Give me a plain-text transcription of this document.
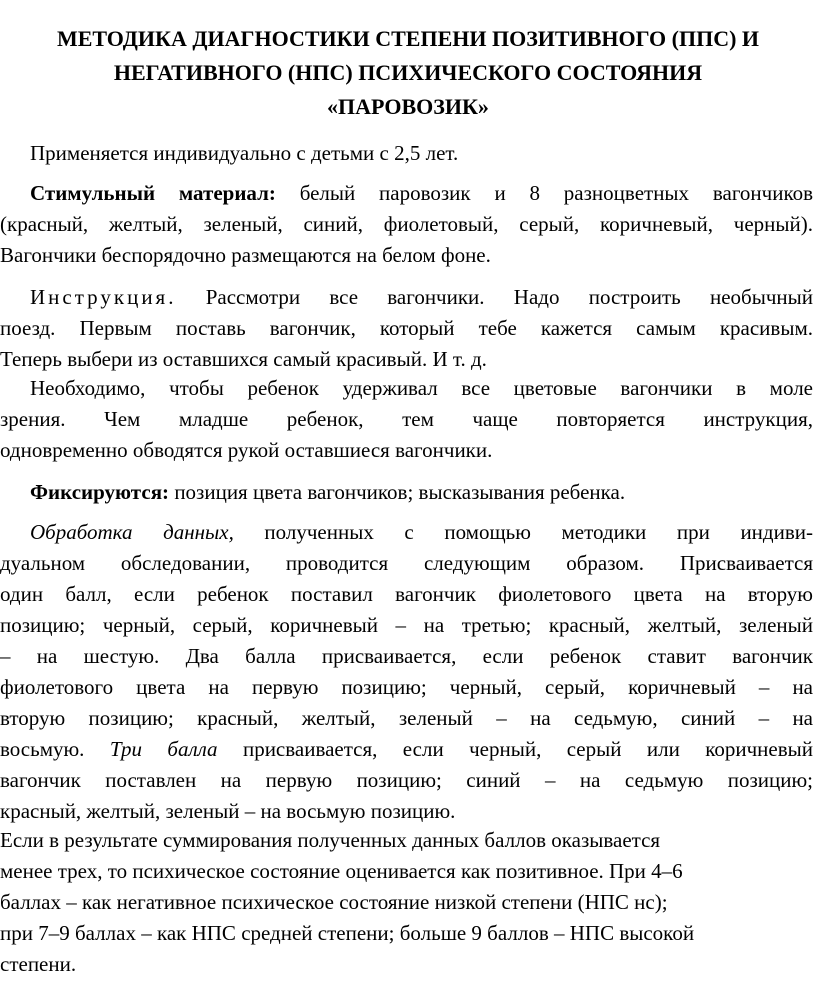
МЕТОДИКА ДИАГНОСТИКИ СТЕПЕНИ ПОЗИТИВНОГО (ППС) И
НЕГАТИВНОГО (НПС) ПСИХИЧЕСКОГО СОСТОЯНИЯ
«ПАРОВОЗИК»

Применяется индивидуально с детьми с 2,5 лет.

Стимульный материал: белый паровозик и 8 разноцветных вагончиков
(красный, желтый, зеленый, синий, фиолетовый, серый, коричневый, черный).
Вагончики беспорядочно размещаются на белом фоне.

Инструкция. Рассмотри все вагончики. Надо построить необычный
поезд. Первым поставь вагончик, который тебе кажется самым красивым.
Теперь выбери из оставшихся самый красивый. И т. д.

Необходимо, чтобы ребенок удерживал все цветовые вагончики в моле
зрения. Чем младше ребенок, тем чаще повторяется инструкция,
одновременно обводятся рукой оставшиеся вагончики.

Фиксируются: позиция цвета вагончиков; высказывания ребенка.

Обработка данных, полученных с помощью методики при индиви-
дуальном обследовании, проводится следующим образом. Присваивается
один балл, если ребенок поставил вагончик фиолетового цвета на вторую
позицию; черный, серый, коричневый – на третью; красный, желтый, зеленый
– на шестую. Два балла присваивается, если ребенок ставит вагончик
фиолетового цвета на первую позицию; черный, серый, коричневый – на
вторую позицию; красный, желтый, зеленый – на седьмую, синий – на
восьмую. Три балла присваивается, если черный, серый или коричневый
вагончик поставлен на первую позицию; синий – на седьмую позицию;
красный, желтый, зеленый – на восьмую позицию.

Если в результате суммирования полученных данных баллов оказывается
менее трех, то психическое состояние оценивается как позитивное. При 4–6
баллах – как негативное психическое состояние низкой степени (НПС нс);
при 7–9 баллах – как НПС средней степени; больше 9 баллов – НПС высокой
степени.
